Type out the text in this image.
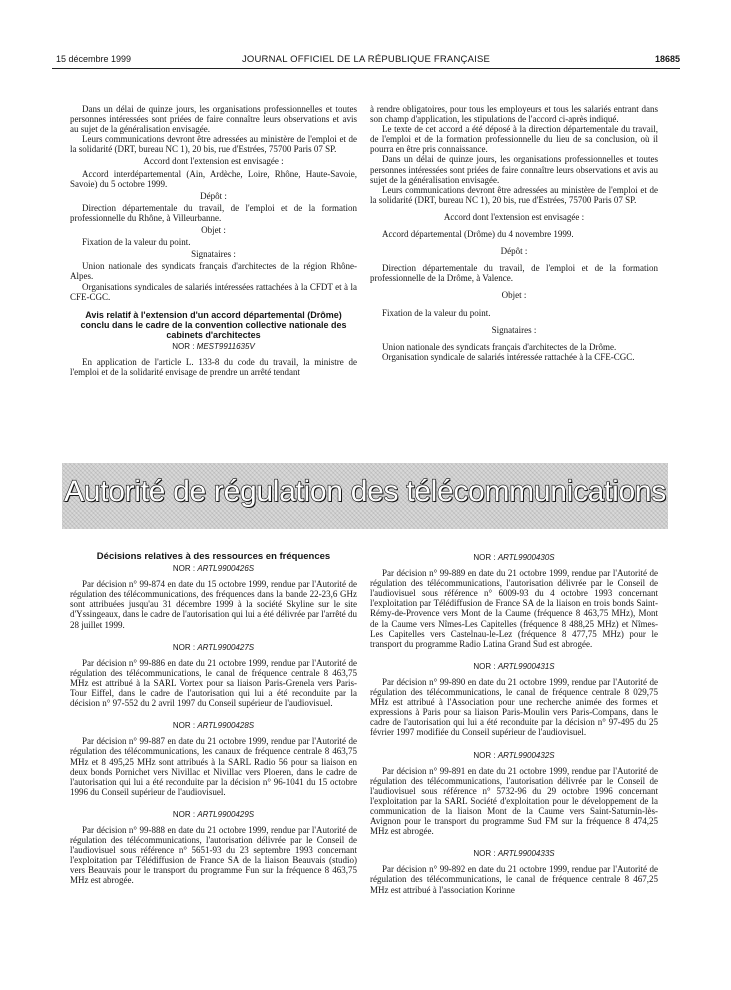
15 décembre 1999	JOURNAL OFFICIEL DE LA RÉPUBLIQUE FRANÇAISE	18685

Dans un délai de quinze jours, les organisations professionnelles et toutes personnes intéressées sont priées de faire connaître leurs observations et avis au sujet de la généralisation envisagée.

Leurs communications devront être adressées au ministère de l'emploi et de la solidarité (DRT, bureau NC 1), 20 bis, rue d'Estrées, 75700 Paris 07 SP.

Accord dont l'extension est envisagée :

Accord interdépartemental (Ain, Ardèche, Loire, Rhône, Haute-Savoie, Savoie) du 5 octobre 1999.

Dépôt :

Direction départementale du travail, de l'emploi et de la formation professionnelle du Rhône, à Villeurbanne.

Objet :

Fixation de la valeur du point.

Signataires :

Union nationale des syndicats français d'architectes de la région Rhône-Alpes.

Organisations syndicales de salariés intéressées rattachées à la CFDT et à la CFE-CGC.

Avis relatif à l'extension d'un accord départemental (Drôme) conclu dans le cadre de la convention collective nationale des cabinets d'architectes
NOR : MEST9911635V

En application de l'article L. 133-8 du code du travail, la ministre de l'emploi et de la solidarité envisage de prendre un arrêté tendant

à rendre obligatoires, pour tous les employeurs et tous les salariés entrant dans son champ d'application, les stipulations de l'accord ci-après indiqué.

Le texte de cet accord a été déposé à la direction départementale du travail, de l'emploi et de la formation professionnelle du lieu de sa conclusion, où il pourra en être pris connaissance.

Dans un délai de quinze jours, les organisations professionnelles et toutes personnes intéressées sont priées de faire connaître leurs observations et avis au sujet de la généralisation envisagée.

Leurs communications devront être adressées au ministère de l'emploi et de la solidarité (DRT, bureau NC 1), 20 bis, rue d'Estrées, 75700 Paris 07 SP.

Accord dont l'extension est envisagée :

Accord départemental (Drôme) du 4 novembre 1999.

Dépôt :

Direction départementale du travail, de l'emploi et de la formation professionnelle de la Drôme, à Valence.

Objet :

Fixation de la valeur du point.

Signataires :

Union nationale des syndicats français d'architectes de la Drôme.

Organisation syndicale de salariés intéressée rattachée à la CFE-CGC.

Autorité de régulation des télécommunications
Décisions relatives à des ressources en fréquences
NOR : ARTL9900426S

Par décision n° 99-874 en date du 15 octobre 1999, rendue par l'Autorité de régulation des télécommunications, des fréquences dans la bande 22-23,6 GHz sont attribuées jusqu'au 31 décembre 1999 à la société Skyline sur le site d'Yssingeaux, dans le cadre de l'autorisation qui lui a été délivrée par l'arrêté du 28 juillet 1999.

NOR : ARTL9900427S

Par décision n° 99-886 en date du 21 octobre 1999, rendue par l'Autorité de régulation des télécommunications, le canal de fréquence centrale 8 463,75 MHz est attribué à la SARL Vortex pour sa liaison Paris-Grenela vers Paris-Tour Eiffel, dans le cadre de l'autorisation qui lui a été reconduite par la décision n° 97-552 du 2 avril 1997 du Conseil supérieur de l'audiovisuel.

NOR : ARTL9900428S

Par décision n° 99-887 en date du 21 octobre 1999, rendue par l'Autorité de régulation des télécommunications, les canaux de fréquence centrale 8 463,75 MHz et 8 495,25 MHz sont attribués à la SARL Radio 56 pour sa liaison en deux bonds Pornichet vers Nivillac et Nivillac vers Ploeren, dans le cadre de l'autorisation qui lui a été reconduite par la décision n° 96-1041 du 15 octobre 1996 du Conseil supérieur de l'audiovisuel.

NOR : ARTL9900429S

Par décision n° 99-888 en date du 21 octobre 1999, rendue par l'Autorité de régulation des télécommunications, l'autorisation délivrée par le Conseil de l'audiovisuel sous référence n° 5651-93 du 23 septembre 1993 concernant l'exploitation par Télédiffusion de France SA de la liaison Beauvais (studio) vers Beauvais pour le transport du programme Fun sur la fréquence 8 463,75 MHz est abrogée.

NOR : ARTL9900430S

Par décision n° 99-889 en date du 21 octobre 1999, rendue par l'Autorité de régulation des télécommunications, l'autorisation délivrée par le Conseil de l'audiovisuel sous référence n° 6009-93 du 4 octobre 1993 concernant l'exploitation par Télédiffusion de France SA de la liaison en trois bonds Saint-Rémy-de-Provence vers Mont de la Caume (fréquence 8 463,75 MHz), Mont de la Caume vers Nîmes-Les Capitelles (fréquence 8 488,25 MHz) et Nîmes-Les Capitelles vers Castelnau-le-Lez (fréquence 8 477,75 MHz) pour le transport du programme Radio Latina Grand Sud est abrogée.

NOR : ARTL9900431S

Par décision n° 99-890 en date du 21 octobre 1999, rendue par l'Autorité de régulation des télécommunications, le canal de fréquence centrale 8 029,75 MHz est attribué à l'Association pour une recherche animée des formes et expressions à Paris pour sa liaison Paris-Moulin vers Paris-Compans, dans le cadre de l'autorisation qui lui a été reconduite par la décision n° 97-495 du 25 février 1997 modifiée du Conseil supérieur de l'audiovisuel.

NOR : ARTL9900432S

Par décision n° 99-891 en date du 21 octobre 1999, rendue par l'Autorité de régulation des télécommunications, l'autorisation délivrée par le Conseil de l'audiovisuel sous référence n° 5732-96 du 29 octobre 1996 concernant l'exploitation par la SARL Société d'exploitation pour le développement de la communication de la liaison Mont de la Caume vers Saint-Saturnin-lès-Avignon pour le transport du programme Sud FM sur la fréquence 8 474,25 MHz est abrogée.

NOR : ARTL9900433S

Par décision n° 99-892 en date du 21 octobre 1999, rendue par l'Autorité de régulation des télécommunications, le canal de fréquence centrale 8 467,25 MHz est attribué à l'association Korinne
